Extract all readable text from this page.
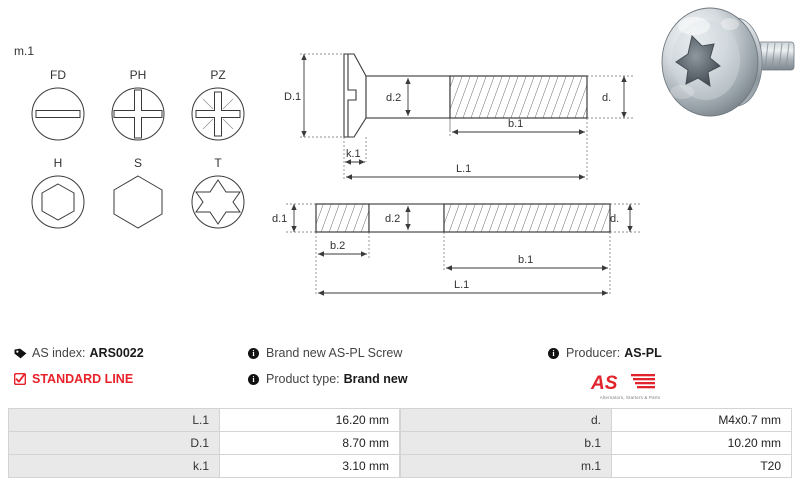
m.1
FD	PH	PZ
H	S	T
D.1	d.2	d.
b.1
k.1
L.1
d.1	d.2	d.
b.2
b.1
L.1
AS index: ARS0022
STANDARD LINE
i Brand new AS-PL Screw
i Product type: Brand new
i Producer: AS-PL
AS
Alternators, Starters & Parts
L.1	16.20 mm
D.1	8.70 mm
k.1	3.10 mm
d.	M4x0.7 mm
b.1	10.20 mm
m.1	T20
